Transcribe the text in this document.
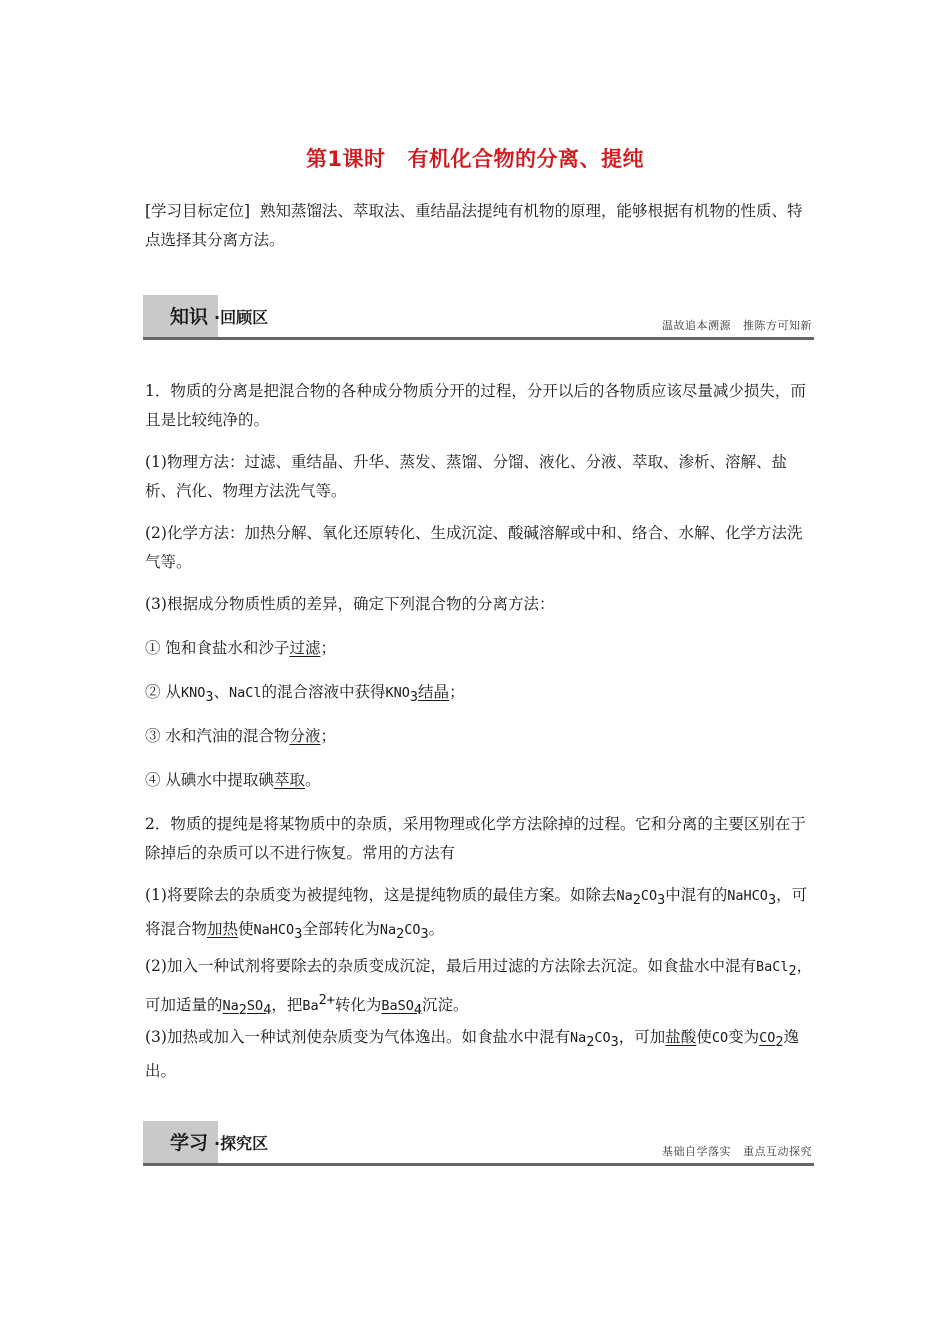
第1课时 有机化合物的分离、提纯

[学习目标定位] 熟知蒸馏法、萃取法、重结晶法提纯有机物的原理，能够根据有机物的性质、特点选择其分离方法。

知识 ·回顾区	温故追本溯源 推陈方可知新

1．物质的分离是把混合物的各种成分物质分开的过程，分开以后的各物质应该尽量减少损失，而且是比较纯净的。

(1)物理方法：过滤、重结晶、升华、蒸发、蒸馏、分馏、液化、分液、萃取、渗析、溶解、盐析、汽化、物理方法洗气等。

(2)化学方法：加热分解、氧化还原转化、生成沉淀、酸碱溶解或中和、络合、水解、化学方法洗气等。

(3)根据成分物质性质的差异，确定下列混合物的分离方法：

① 饱和食盐水和沙子过滤；

② 从$KNO_3$、NaCl的混合溶液中获得$KNO_3$结晶；

③ 水和汽油的混合物分液；

④ 从碘水中提取碘萃取。

2．物质的提纯是将某物质中的杂质，采用物理或化学方法除掉的过程。它和分离的主要区别在于除掉后的杂质可以不进行恢复。常用的方法有

(1)将要除去的杂质变为被提纯物，这是提纯物质的最佳方案。如除去$Na_2CO_3$中混有的NaHCO$_3$，可将混合物加热使NaHCO$_3$全部转化为$Na_2CO_3$。

(2)加入一种试剂将要除去的杂质变成沉淀，最后用过滤的方法除去沉淀。如食盐水中混有BaCl$_2$，可加适量的$Na_2SO_4$，把$Ba^{2+}$转化为BaSO$_4$沉淀。

(3)加热或加入一种试剂使杂质变为气体逸出。如食盐水中混有$Na_2CO_3$，可加盐酸使CO变为$CO_2$逸出。

学习 ·探究区	基础自学落实 重点互动探究
